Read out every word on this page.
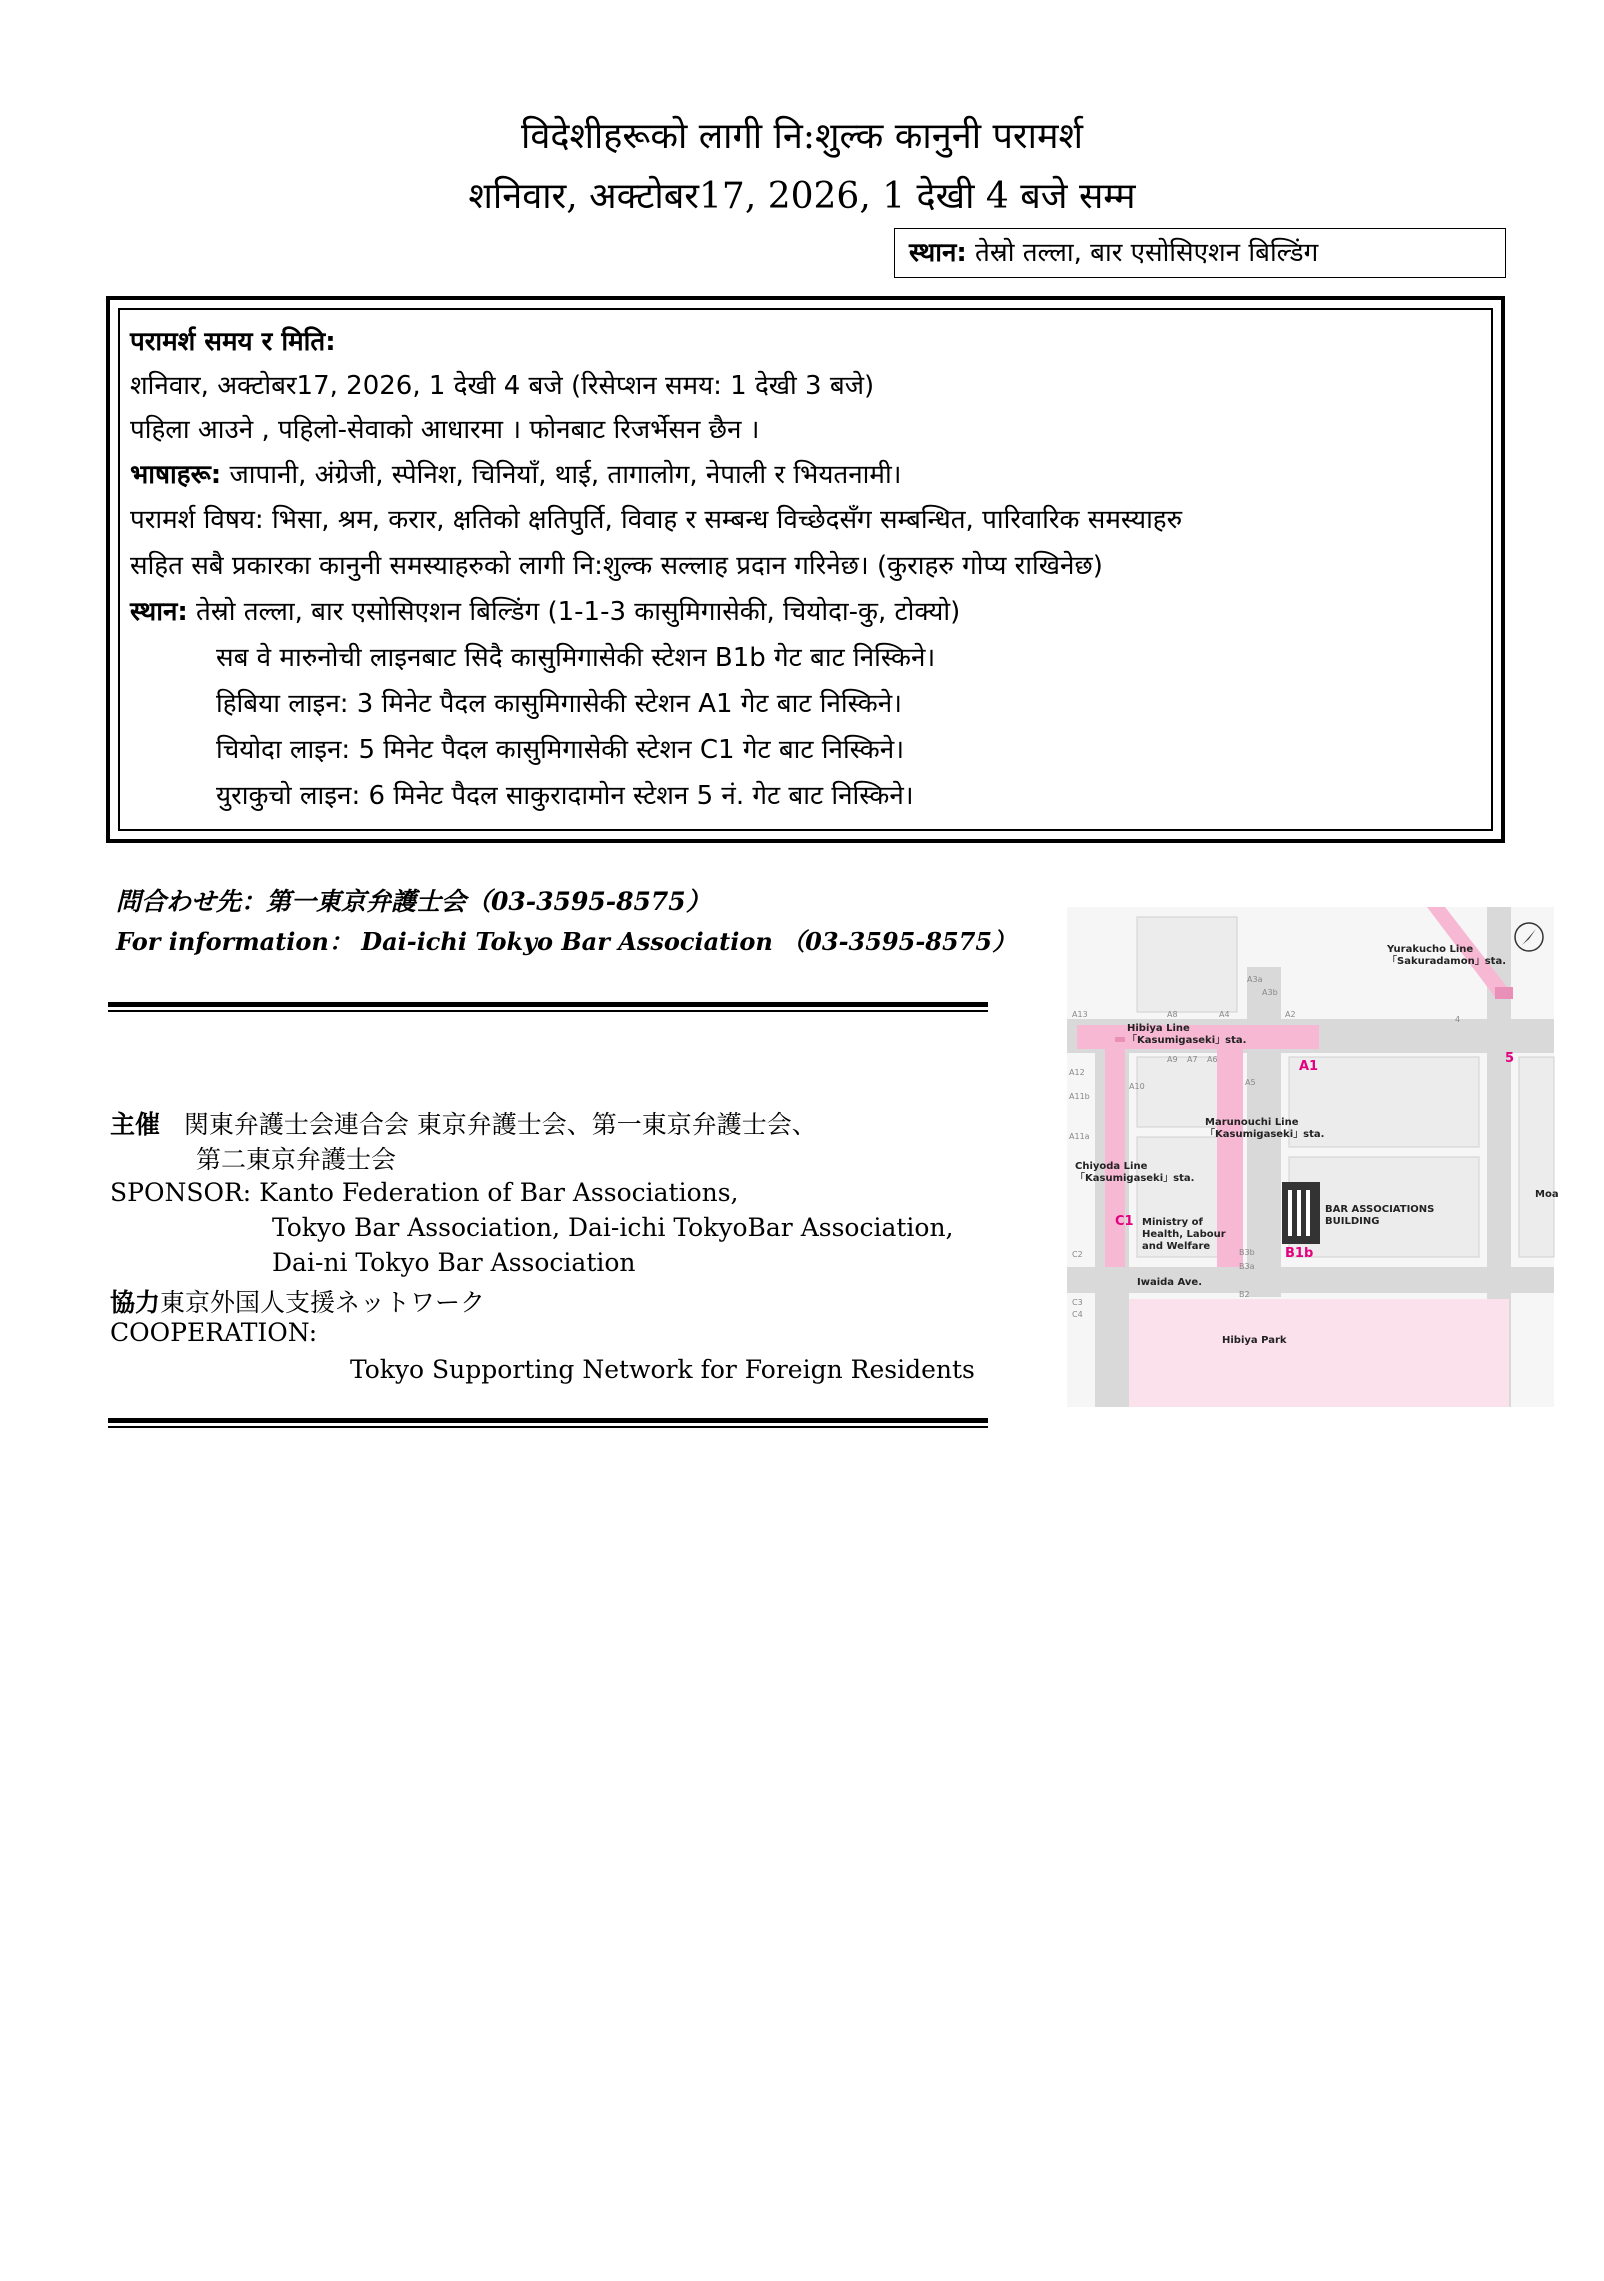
विदेशीहरूको लागी नि:शुल्क कानुनी परामर्श
शनिवार, अक्टोबर17, 2026, 1 देखी 4 बजे सम्म
स्थान: तेस्रो तल्ला, बार एसोसिएशन बिल्डिंग
परामर्श समय र मिति:
शनिवार, अक्टोबर17, 2026, 1 देखी 4 बजे (रिसेप्शन समय: 1 देखी 3 बजे)
पहिला आउने , पहिलो-सेवाको आधारमा । फोनबाट रिजर्भेसन छैन ।
भाषाहरू: जापानी, अंग्रेजी, स्पेनिश, चिनियाँ, थाई, तागालोग, नेपाली र भियतनामी।
परामर्श विषय: भिसा, श्रम, करार, क्षतिको क्षतिपुर्ति, विवाह र सम्बन्ध विच्छेदसँग सम्बन्धित, पारिवारिक समस्याहरु
सहित सबै प्रकारका कानुनी समस्याहरुको लागी नि:शुल्क सल्लाह प्रदान गरिनेछ। (कुराहरु गोप्य राखिनेछ)
स्थान: तेस्रो तल्ला, बार एसोसिएशन बिल्डिंग (1-1-3 कासुमिगासेकी, चियोदा-कु, टोक्यो)
सब वे मारुनोची लाइनबाट सिदै कासुमिगासेकी स्टेशन B1b गेट बाट निस्किने।
हिबिया लाइन: 3 मिनेट पैदल कासुमिगासेकी स्टेशन A1 गेट बाट निस्किने।
चियोदा लाइन: 5 मिनेट पैदल कासुमिगासेकी स्टेशन C1 गेट बाट निस्किने।
युराकुचो लाइन: 6 मिनेट पैदल साकुरादामोन स्टेशन 5 नं. गेट बाट निस्किने।
問合わせ先：第一東京弁護士会（03-3595-8575）
For information： Dai-ichi Tokyo Bar Association （03-3595-8575）
主催 関東弁護士会連合会 東京弁護士会、第一東京弁護士会、
第二東京弁護士会
SPONSOR: Kanto Federation of Bar Associations,
Tokyo Bar Association, Dai-ichi TokyoBar Association,
Dai-ni Tokyo Bar Association
協力東京外国人支援ネットワーク
COOPERATION:
Tokyo Supporting Network for Foreign Residents
Yurakucho Line
「Sakuradamon」sta.
Hibiya Line
「Kasumigaseki」sta.
Marunouchi Line
「Kasumigaseki」sta.
Chiyoda Line
「Kasumigaseki」sta.
Ministry of
Health, Labour
and Welfare
BAR ASSOCIATIONS
BUILDING
Iwaida Ave.
Hibiya Park
Moa
A1
B1b
C1
5
A3a
A3b
A13	A8	A4	A2
A12
A9 A7 A6
A5
A10
A11b
A11a
C2
C3
C4
B3b
B3a
B2
4
